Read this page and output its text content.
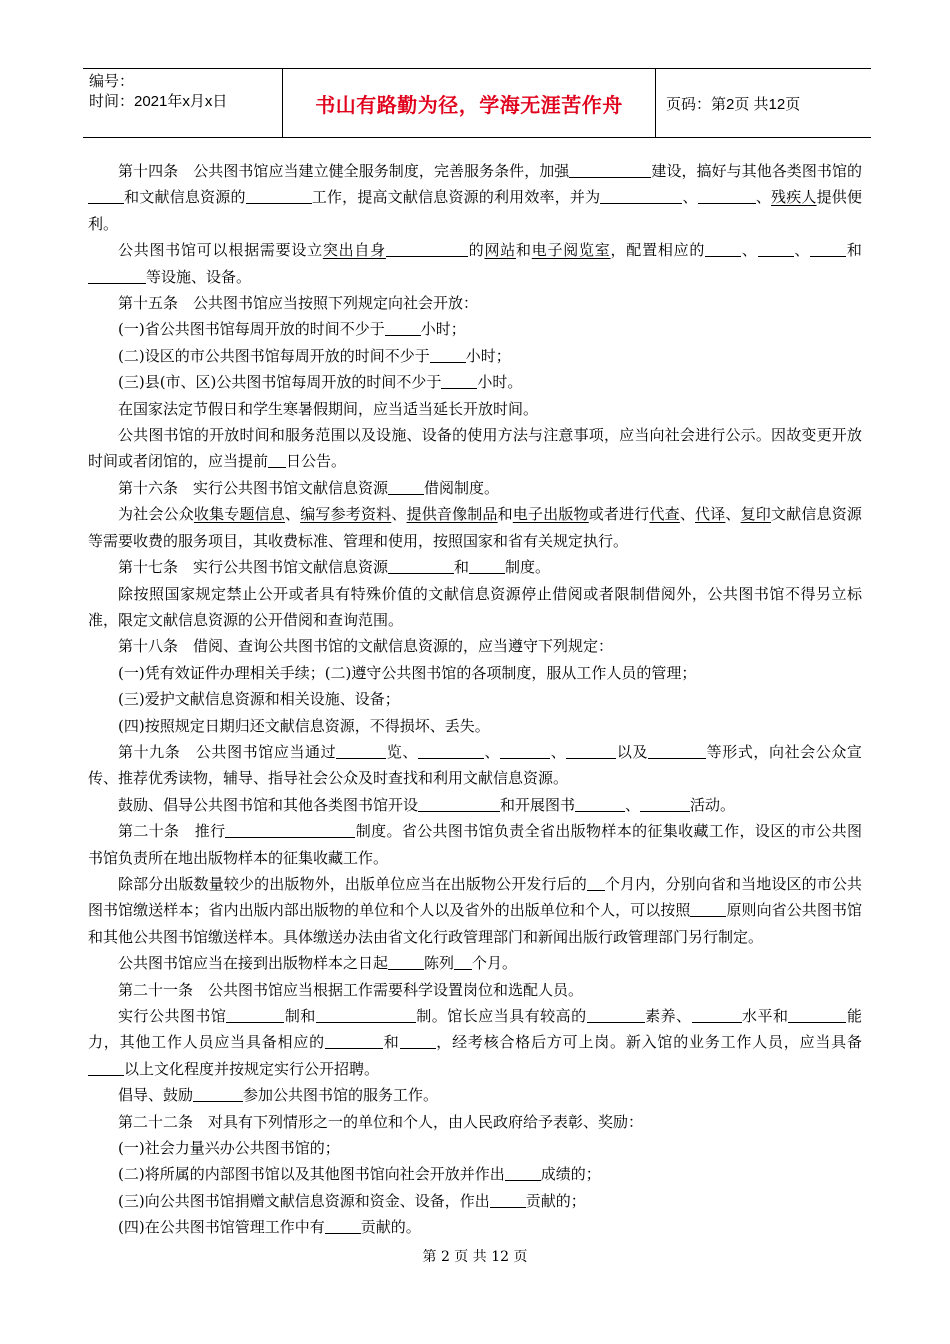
编号：
时间：2021年x月x日	书山有路勤为径，学海无涯苦作舟	页码：第2页 共12页

第十四条　公共图书馆应当建立健全服务制度，完善服务条件，加强	建设，搞好与其他各类图书馆的和文献信息资源的	工作，提高文献信息资源的利用效率，并为	、	、残疾人提供便利。

公共图书馆可以根据需要设立突出自身	的网站和电子阅览室，配置相应的 、 、 和等设施、设备。

第十五条　公共图书馆应当按照下列规定向社会开放：

(一)省公共图书馆每周开放的时间不少于 小时；

(二)设区的市公共图书馆每周开放的时间不少于 小时；

(三)县(市、区)公共图书馆每周开放的时间不少于 小时。

在国家法定节假日和学生寒暑假期间，应当适当延长开放时间。

公共图书馆的开放时间和服务范围以及设施、设备的使用方法与注意事项，应当向社会进行公示。因故变更开放时间或者闭馆的，应当提前 日公告。

第十六条　实行公共图书馆文献信息资源 借阅制度。

为社会公众收集专题信息、编写参考资料、提供音像制品和电子出版物或者进行代查、代译、复印文献信息资源等需要收费的服务项目，其收费标准、管理和使用，按照国家和省有关规定执行。

第十七条　实行公共图书馆文献信息资源	和 制度。

除按照国家规定禁止公开或者具有特殊价值的文献信息资源停止借阅或者限制借阅外，公共图书馆不得另立标准，限定文献信息资源的公开借阅和查询范围。

第十八条　借阅、查询公共图书馆的文献信息资源的，应当遵守下列规定：

(一)凭有效证件办理相关手续；(二)遵守公共图书馆的各项制度，服从工作人员的管理；

(三)爱护文献信息资源和相关设施、设备；

(四)按照规定日期归还文献信息资源，不得损坏、丢失。

第十九条　公共图书馆应当通过	览、	、	、	以及	等形式，向社会公众宣传、推荐优秀读物，辅导、指导社会公众及时查找和利用文献信息资源。

鼓励、倡导公共图书馆和其他各类图书馆开设	和开展图书	、	活动。

第二十条　推行	制度。省公共图书馆负责全省出版物样本的征集收藏工作，设区的市公共图书馆负责所在地出版物样本的征集收藏工作。

除部分出版数量较少的出版物外，出版单位应当在出版物公开发行后的 个月内，分别向省和当地设区的市公共图书馆缴送样本；省内出版内部出版物的单位和个人以及省外的出版单位和个人，可以按照 原则向省公共图书馆和其他公共图书馆缴送样本。具体缴送办法由省文化行政管理部门和新闻出版行政管理部门另行制定。

公共图书馆应当在接到出版物样本之日起 陈列 个月。

第二十一条　公共图书馆应当根据工作需要科学设置岗位和选配人员。

实行公共图书馆	制和	制。馆长应当具有较高的	素养、	水平和	能力，其他工作人员应当具备相应的	和 ，经考核合格后方可上岗。新入馆的业务工作人员，应当具备以上文化程度并按规定实行公开招聘。

倡导、鼓励	参加公共图书馆的服务工作。

第二十二条　对具有下列情形之一的单位和个人，由人民政府给予表彰、奖励：

(一)社会力量兴办公共图书馆的；

(二)将所属的内部图书馆以及其他图书馆向社会开放并作出 成绩的；

(三)向公共图书馆捐赠文献信息资源和资金、设备，作出 贡献的；

(四)在公共图书馆管理工作中有 贡献的。

第 2 页 共 12 页
